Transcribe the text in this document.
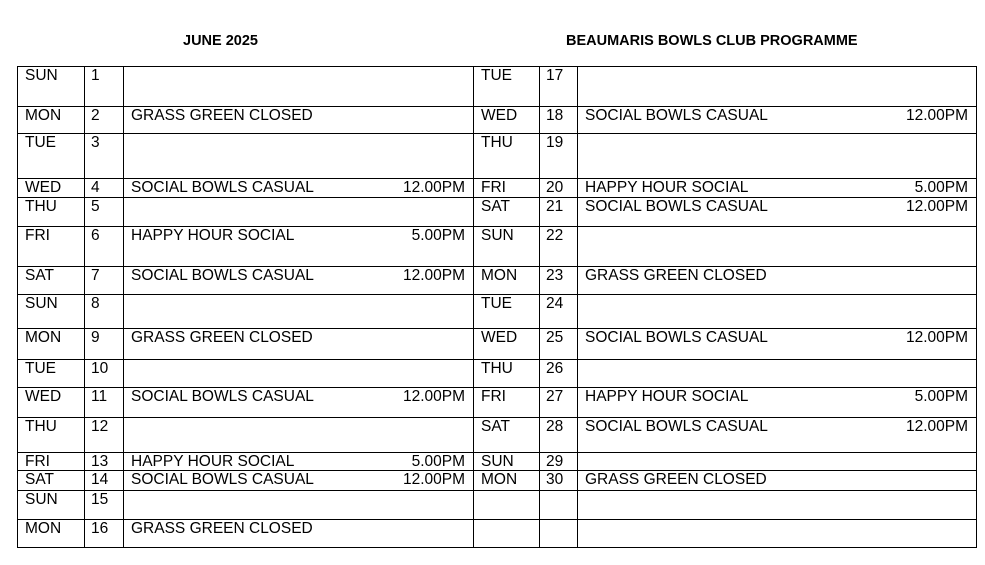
JUNE 2025	BEAUMARIS BOWLS CLUB PROGRAMME
SUN	1		TUE	17	

MON	2	GRASS GREEN CLOSED	WED	18	SOCIAL BOWLS CASUAL 12.00PM

TUE	3		THU	19	

WED	4	SOCIAL BOWLS CASUAL 12.00PM	FRI	20	HAPPY HOUR SOCIAL 5.00PM

THU	5		SAT	21	SOCIAL BOWLS CASUAL 12.00PM

FRI	6	HAPPY HOUR SOCIAL 5.00PM	SUN	22	

SAT	7	SOCIAL BOWLS CASUAL 12.00PM	MON	23	GRASS GREEN CLOSED

SUN	8		TUE	24	

MON	9	GRASS GREEN CLOSED	WED	25	SOCIAL BOWLS CASUAL 12.00PM

TUE	10		THU	26	

WED	11	SOCIAL BOWLS CASUAL 12.00PM	FRI	27	HAPPY HOUR SOCIAL 5.00PM

THU	12		SAT	28	SOCIAL BOWLS CASUAL 12.00PM

FRI	13	HAPPY HOUR SOCIAL 5.00PM	SUN	29	

SAT	14	SOCIAL BOWLS CASUAL 12.00PM	MON	30	GRASS GREEN CLOSED

SUN	15	

MON	16	GRASS GREEN CLOSED
